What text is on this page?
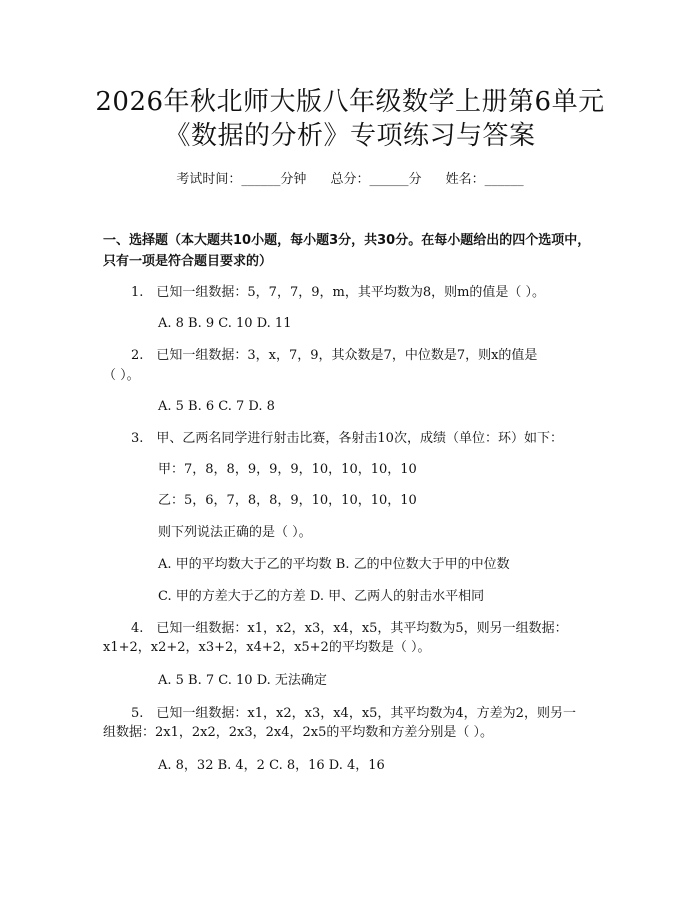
2026年秋北师大版八年级数学上册第6单元
《数据的分析》专项练习与答案
考试时间：______分钟 总分：______分 姓名：______
一、选择题（本大题共10小题，每小题3分，共30分。在每小题给出的四个选项中，只有一项是符合题目要求的）
1.　已知一组数据：5，7，7，9，m，其平均数为8，则m的值是（ ）。
A. 8 B. 9 C. 10 D. 11
2.　已知一组数据：3，x，7，9，其众数是7，中位数是7，则x的值是
（ ）。
A. 5 B. 6 C. 7 D. 8
3.　甲、乙两名同学进行射击比赛，各射击10次，成绩（单位：环）如下：
甲：7，8，8，9，9，9，10，10，10，10
乙：5，6，7，8，8，9，10，10，10，10
则下列说法正确的是（ ）。
A. 甲的平均数大于乙的平均数 B. 乙的中位数大于甲的中位数
C. 甲的方差大于乙的方差 D. 甲、乙两人的射击水平相同
4.　已知一组数据：x1，x2，x3，x4，x5，其平均数为5，则另一组数据：
x1+2，x2+2，x3+2，x4+2，x5+2的平均数是（ ）。
A. 5 B. 7 C. 10 D. 无法确定
5.　已知一组数据：x1，x2，x3，x4，x5，其平均数为4，方差为2，则另一
组数据：2x1，2x2，2x3，2x4，2x5的平均数和方差分别是（ ）。
A. 8，32 B. 4，2 C. 8，16 D. 4，16
